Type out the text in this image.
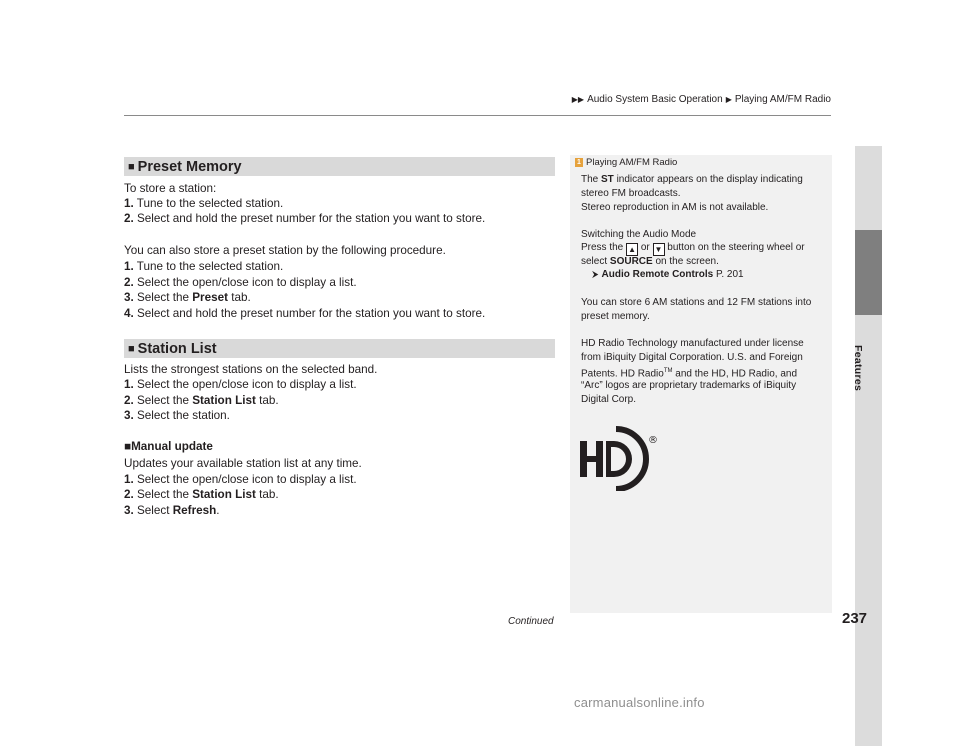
▶▶ Audio System Basic Operation ▶ Playing AM/FM Radio
Features
■ Preset Memory
To store a station:
1. Tune to the selected station.
2. Select and hold the preset number for the station you want to store.
You can also store a preset station by the following procedure.
1. Tune to the selected station.
2. Select the open/close icon to display a list.
3. Select the Preset tab.
4. Select and hold the preset number for the station you want to store.
■ Station List
Lists the strongest stations on the selected band.
1. Select the open/close icon to display a list.
2. Select the Station List tab.
3. Select the station.
■Manual update
Updates your available station list at any time.
1. Select the open/close icon to display a list.
2. Select the Station List tab.
3. Select Refresh.
1 Playing AM/FM Radio
The ST indicator appears on the display indicating
stereo FM broadcasts.
Stereo reproduction in AM is not available.
Switching the Audio Mode
Press the ▲ or ▼ button on the steering wheel or
select SOURCE on the screen.
⮞ Audio Remote Controls P. 201
You can store 6 AM stations and 12 FM stations into
preset memory.
HD Radio Technology manufactured under license
from iBiquity Digital Corporation. U.S. and Foreign
Patents. HD Radio™ and the HD, HD Radio, and
“Arc” logos are proprietary trademarks of iBiquity
Digital Corp.
®
Continued	237
carmanualsonline.info
